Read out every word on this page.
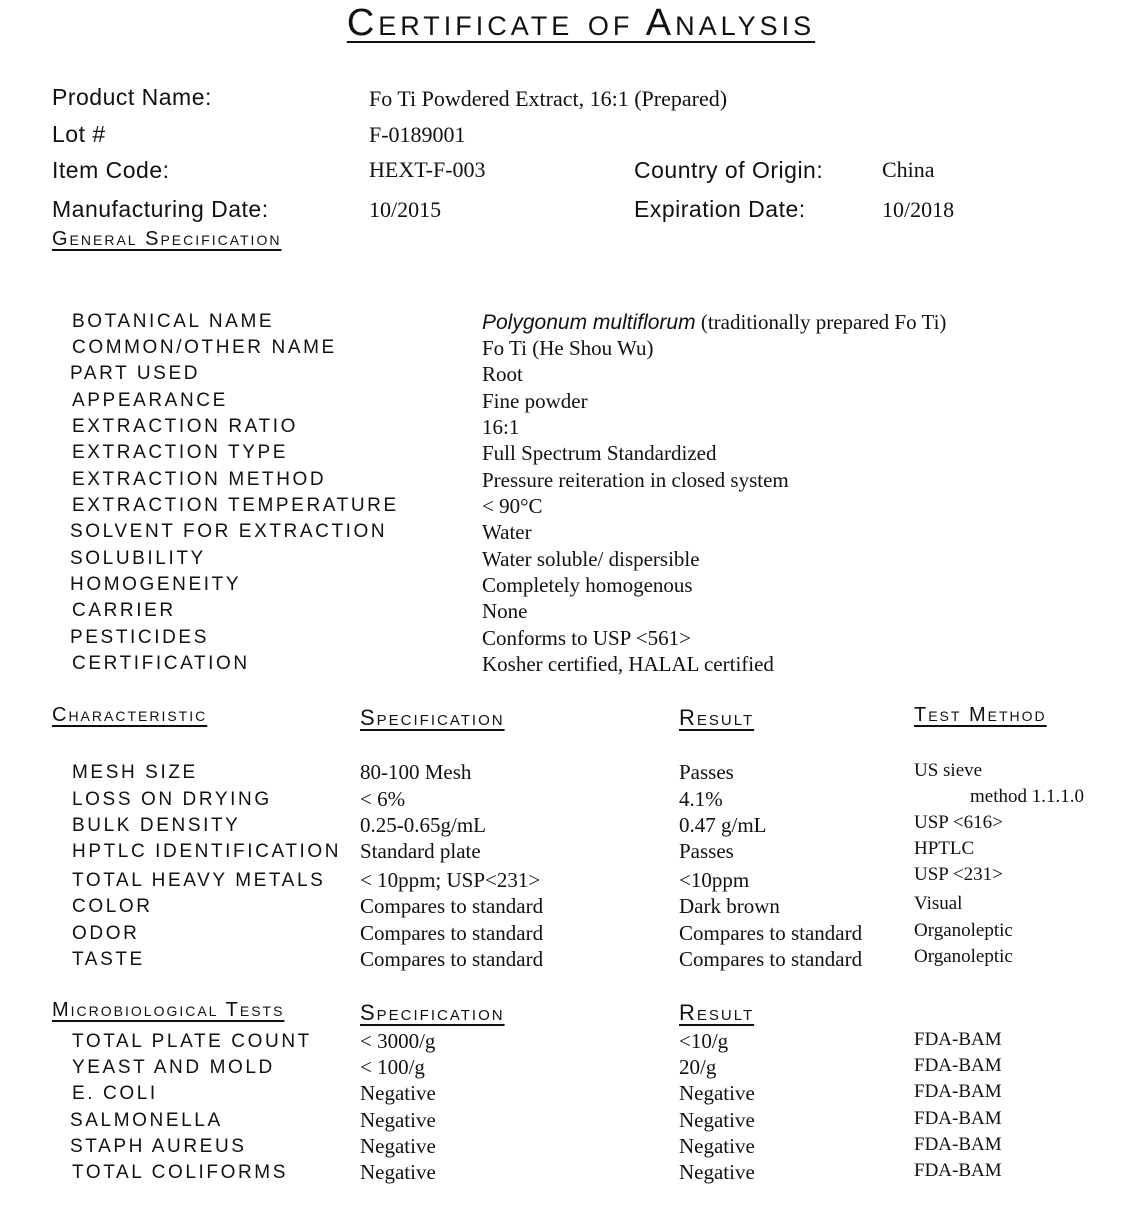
Certificate of Analysis
Product Name:	Fo Ti Powdered Extract, 16:1 (Prepared)
Lot #	F-0189001
Item Code:	HEXT-F-003	Country of Origin:	China
Manufacturing Date:	10/2015	Expiration Date:	10/2018
General Specification
BOTANICAL NAME	Polygonum multiflorum (traditionally prepared Fo Ti)
COMMON/OTHER NAME	Fo Ti (He Shou Wu)
PART USED	Root
APPEARANCE	Fine powder
EXTRACTION RATIO	16:1
EXTRACTION TYPE	Full Spectrum Standardized
EXTRACTION METHOD	Pressure reiteration in closed system
EXTRACTION TEMPERATURE	< 90°C
SOLVENT FOR EXTRACTION	Water
SOLUBILITY	Water soluble/ dispersible
HOMOGENEITY	Completely homogenous
CARRIER	None
PESTICIDES	Conforms to USP <561>
CERTIFICATION	Kosher certified, HALAL certified
Characteristic	Specification	Result	Test Method
MESH SIZE	80-100 Mesh	Passes	US sieve
LOSS ON DRYING	< 6%	4.1%	method 1.1.1.0
BULK DENSITY	0.25-0.65g/mL	0.47 g/mL	USP <616>
HPTLC IDENTIFICATION Standard plate	Passes	HPTLC
TOTAL HEAVY METALS < 10ppm; USP<231>	<10ppm	USP <231>
COLOR	Compares to standard	Dark brown	Visual
ODOR	Compares to standard	Compares to standard	Organoleptic
TASTE	Compares to standard	Compares to standard	Organoleptic
Microbiological Tests	Specification	Result
TOTAL PLATE COUNT < 3000/g	<10/g	FDA-BAM
YEAST AND MOLD	< 100/g	20/g	FDA-BAM
E. COLI	Negative	Negative	FDA-BAM
SALMONELLA	Negative	Negative	FDA-BAM
STAPH AUREUS	Negative	Negative	FDA-BAM
TOTAL COLIFORMS	Negative	Negative	FDA-BAM
